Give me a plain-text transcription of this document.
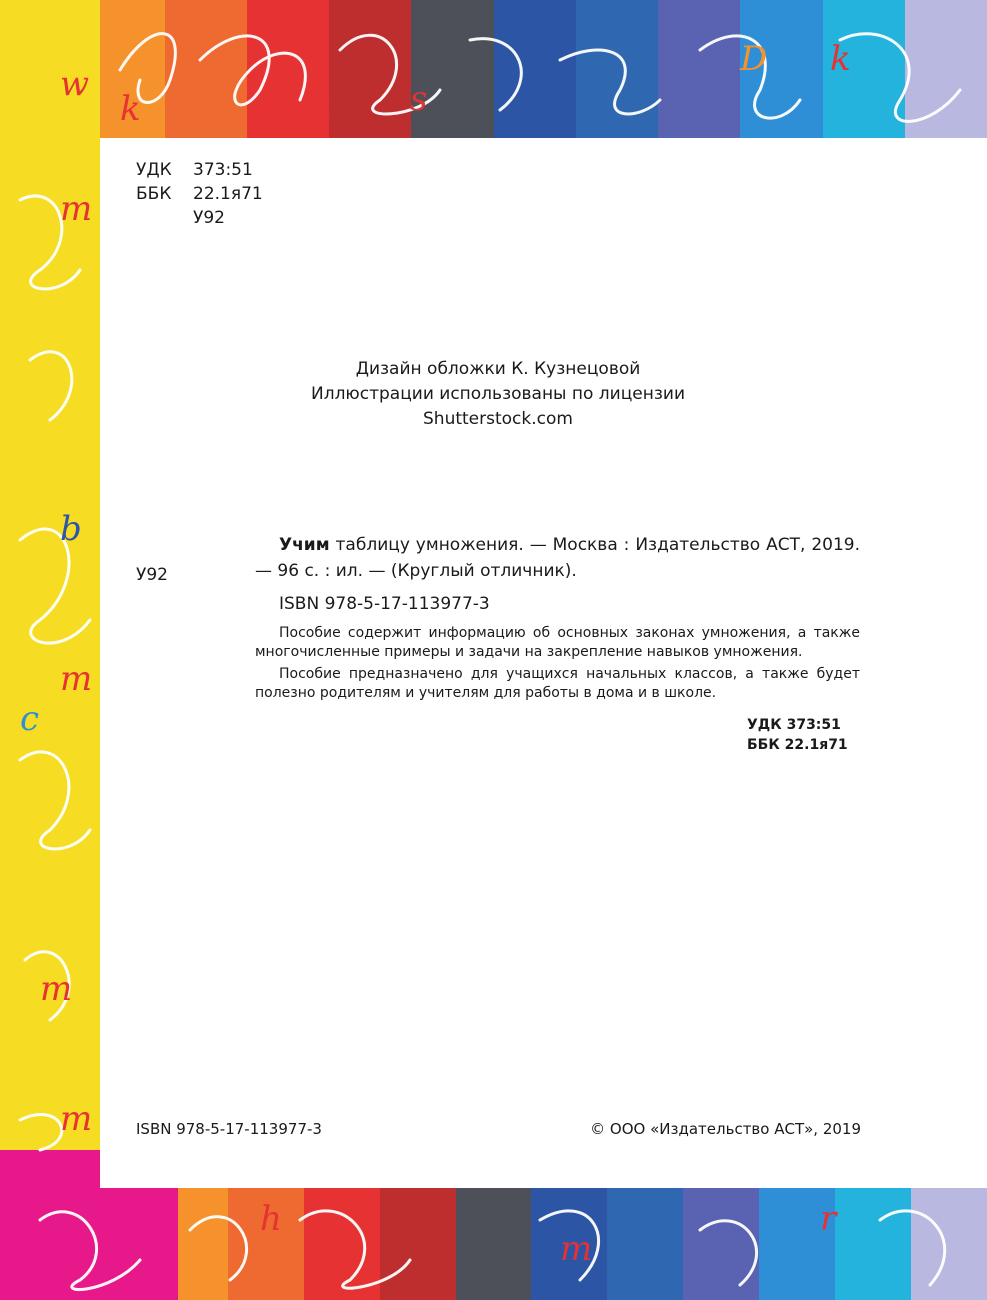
w
k	m s	z
D k
m
b
m
c
m
m
h
m
r
УДК	373:51
ББК	22.1я71
У92
Дизайн обложки К. Кузнецовой
Иллюстрации использованы по лицензии
Shutterstock.com
У92
Учим таблицу умножения. — Москва : Издательство АСТ, 2019. — 96 с. : ил. — (Круглый отличник).
ISBN 978-5-17-113977-3
Пособие содержит информацию об основных законах умножения, а также многочисленные примеры и задачи на закрепление навыков умножения.
Пособие предназначено для учащихся начальных классов, а также будет полезно родителям и учителям для работы в дома и в школе.
УДК 373:51
ББК 22.1я71
ISBN 978-5-17-113977-3	© ООО «Издательство АСТ», 2019
